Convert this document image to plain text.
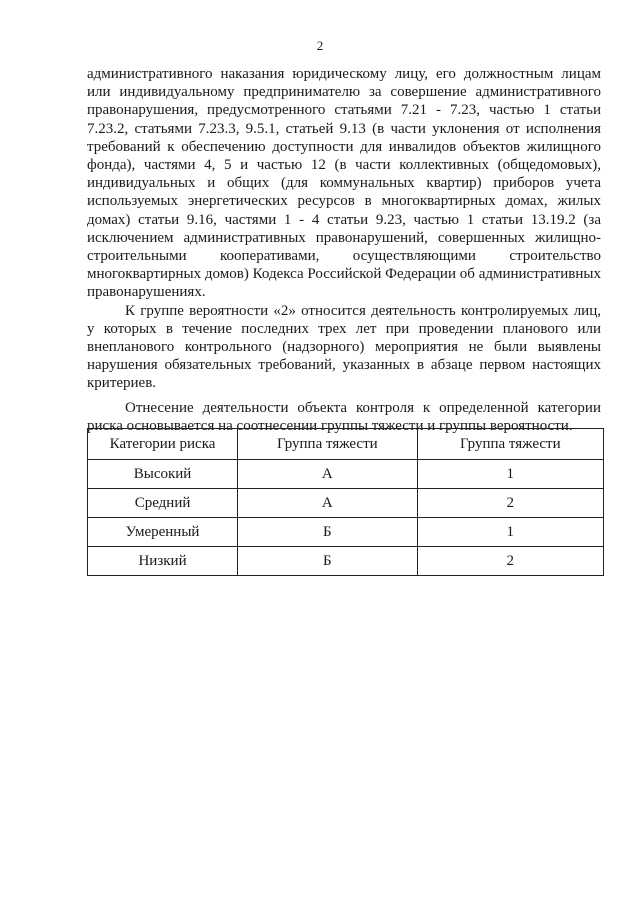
2

административного наказания юридическому лицу, его должностным лицам или индивидуальному предпринимателю за совершение административного правонарушения, предусмотренного статьями 7.21 - 7.23, частью 1 статьи 7.23.2, статьями 7.23.3, 9.5.1, статьей 9.13 (в части уклонения от исполнения требований к обеспечению доступности для инвалидов объектов жилищного фонда), частями 4, 5 и частью 12 (в части коллективных (общедомовых), индивидуальных и общих (для коммунальных квартир) приборов учета используемых энергетических ресурсов в многоквартирных домах, жилых домах) статьи 9.16, частями 1 - 4 статьи 9.23, частью 1 статьи 13.19.2 (за исключением административных правонарушений, совершенных жилищно-строительными кооперативами, осуществляющими строительство многоквартирных домов) Кодекса Российской Федерации об административных правонарушениях.

К группе вероятности «2» относится деятельность контролируемых лиц, у которых в течение последних трех лет при проведении планового или внепланового контрольного (надзорного) мероприятия не были выявлены нарушения обязательных требований, указанных в абзаце первом настоящих критериев.

Отнесение деятельности объекта контроля к определенной категории риска основывается на соотнесении группы тяжести и группы вероятности.

Категории риска	Группа тяжести	Группа тяжести
Высокий	А	1
Средний	А	2
Умеренный	Б	1
Низкий	Б	2
